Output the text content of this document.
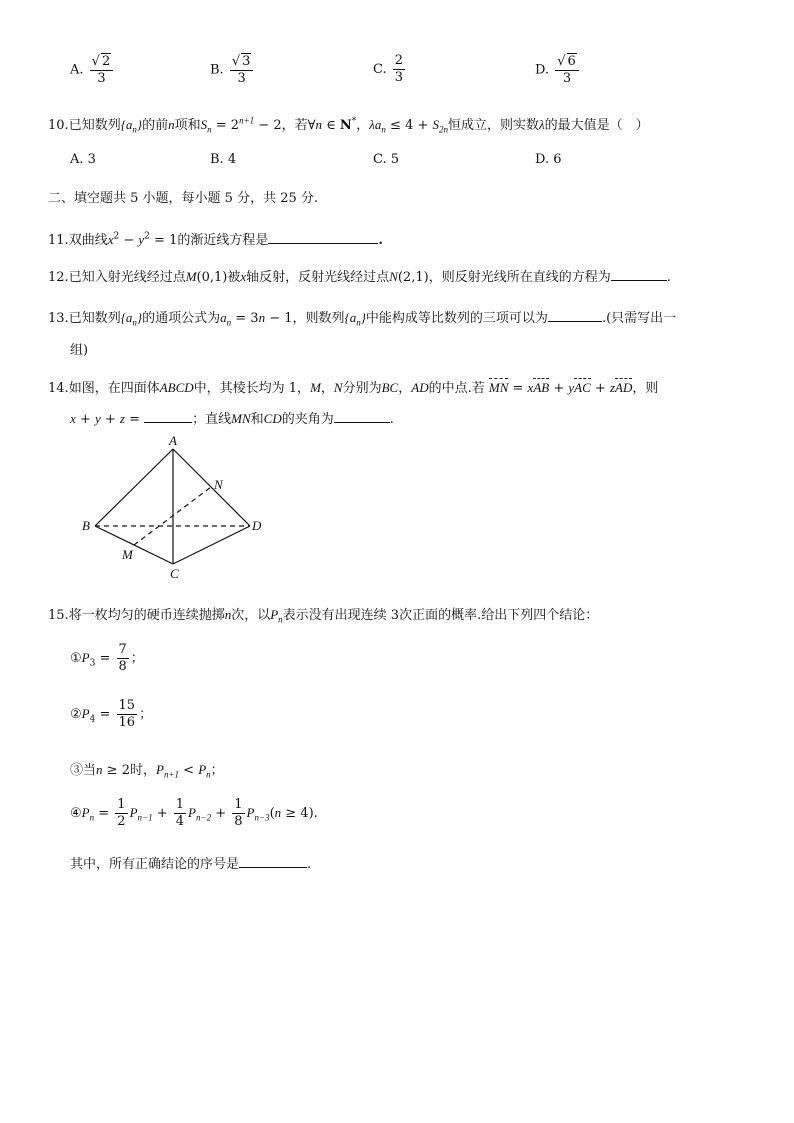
A. $\frac{√ 2}{3}$	B. $\frac{√ 3}{3}$	C. $\frac{2}{3}$	D. $\frac{√ 6}{3}$
10.已知数列$\{a_n\}$的前n项和$S_n = 2^{n+1} - 2$，若∀n ∈ N*，$\lambda a_n \le 4 + S_{2n}$恒成立，则实数λ的最大值是（　）
A. 3	B. 4	C. 5	D. 6
二、填空题共 5 小题，每小题 5 分，共 25 分.
11.双曲线$x^2 - y^2 = 1$的渐近线方程是	.
12.已知入射光线经过点M(0,1)被x轴反射，反射光线经过点N(2,1)，则反射光线所在直线的方程为	.
13.已知数列$\{a_n\}$的通项公式为$a_n = 3n - 1$，则数列$\{a_n\}$中能构成等比数列的三项可以为	.(只需写出一
组)
14.如图，在四面体ABCD中，其棱长均为 1，M，N分别为BC，AD的中点.若 MN = xAB + yAC + zAD，则
x + y + z =	；直线MN和CD的夹角为	.
A
B
C
D
M
N
15.将一枚均匀的硬币连续抛掷n次，以$P_n$表示没有出现连续 3次正面的概率.给出下列四个结论：
$①P_3 = \frac{7}{8}$ ；
$②P_4 = \frac{15}{16}$ ；
③当n ≥ 2时，$P_{n+1} < P_n$；
$④P_n = \frac{1}{2} P_{n-1} + \frac{1}{4} P_{n-2} + \frac{1}{8} P_{n-3}(n \ge 4)$.
其中，所有正确结论的序号是	.
